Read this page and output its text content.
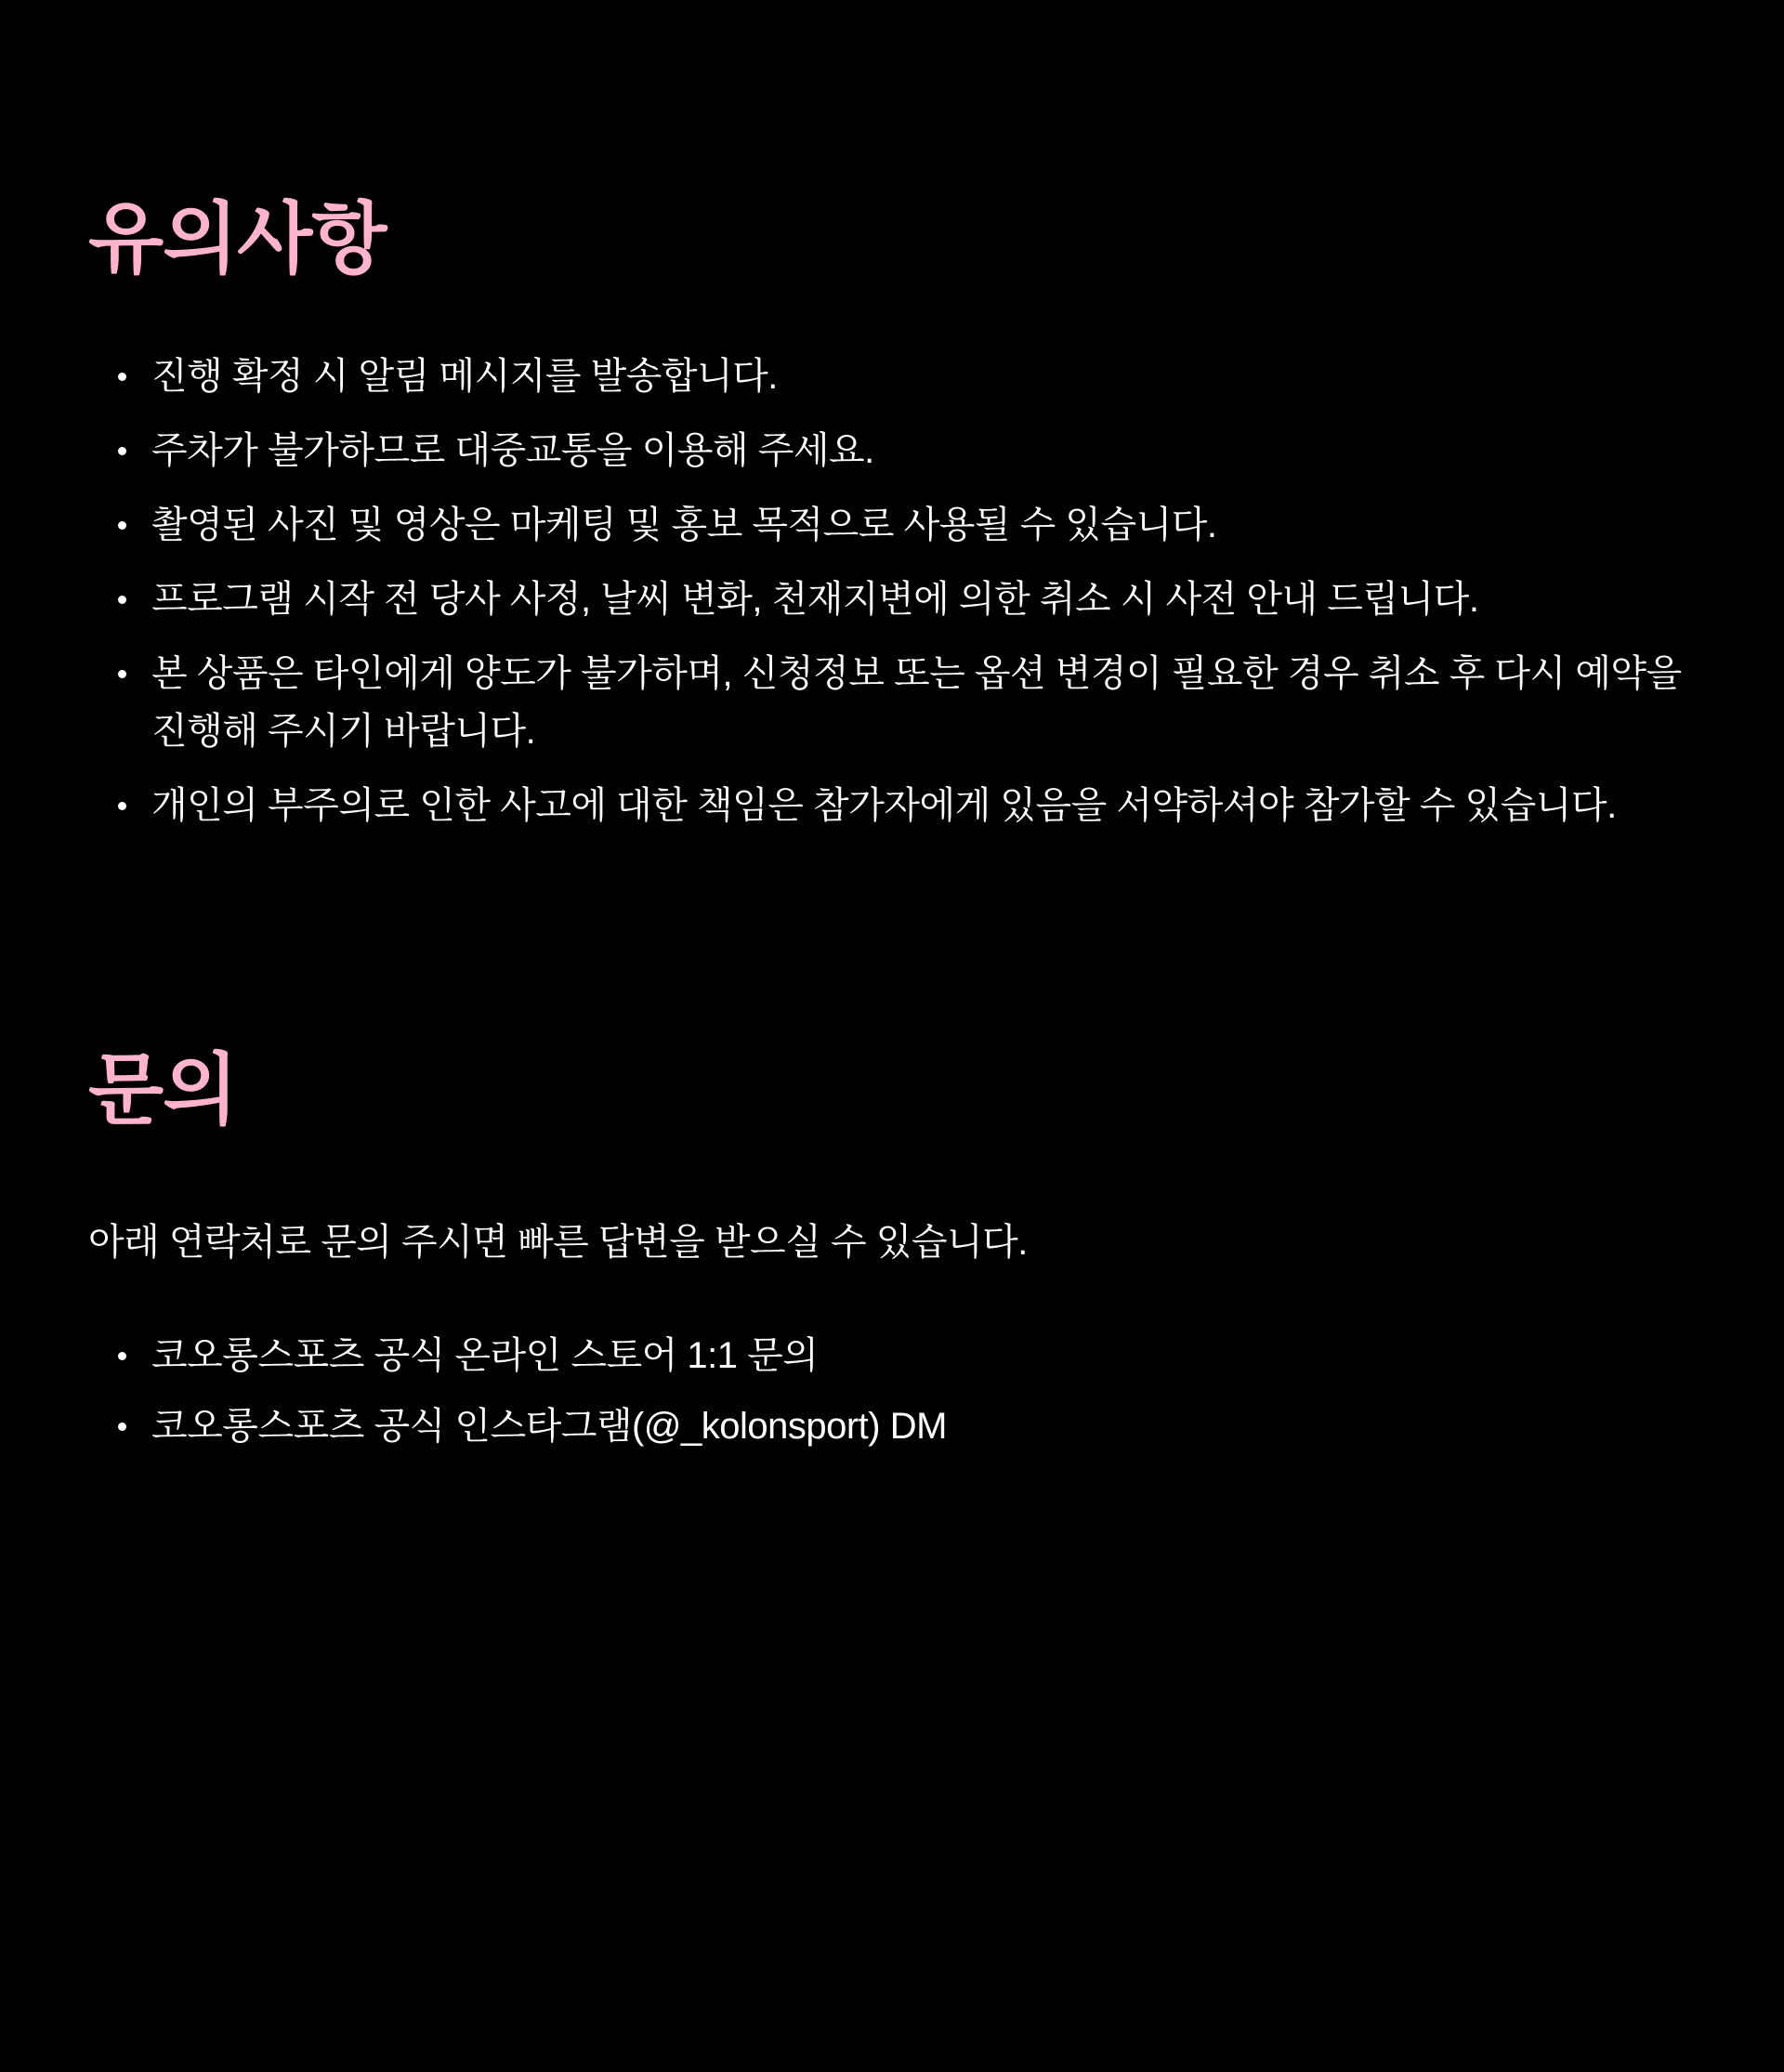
유의사항
진행 확정 시 알림 메시지를 발송합니다.
주차가 불가하므로 대중교통을 이용해 주세요.
촬영된 사진 및 영상은 마케팅 및 홍보 목적으로 사용될 수 있습니다.
프로그램 시작 전 당사 사정, 날씨 변화, 천재지변에 의한 취소 시 사전 안내 드립니다.
본 상품은 타인에게 양도가 불가하며, 신청정보 또는 옵션 변경이 필요한 경우 취소 후 다시 예약을 진행해 주시기 바랍니다.
개인의 부주의로 인한 사고에 대한 책임은 참가자에게 있음을 서약하셔야 참가할 수 있습니다.
문의

아래 연락처로 문의 주시면 빠른 답변을 받으실 수 있습니다.

코오롱스포츠 공식 온라인 스토어 1:1 문의
코오롱스포츠 공식 인스타그램(@_kolonsport) DM
